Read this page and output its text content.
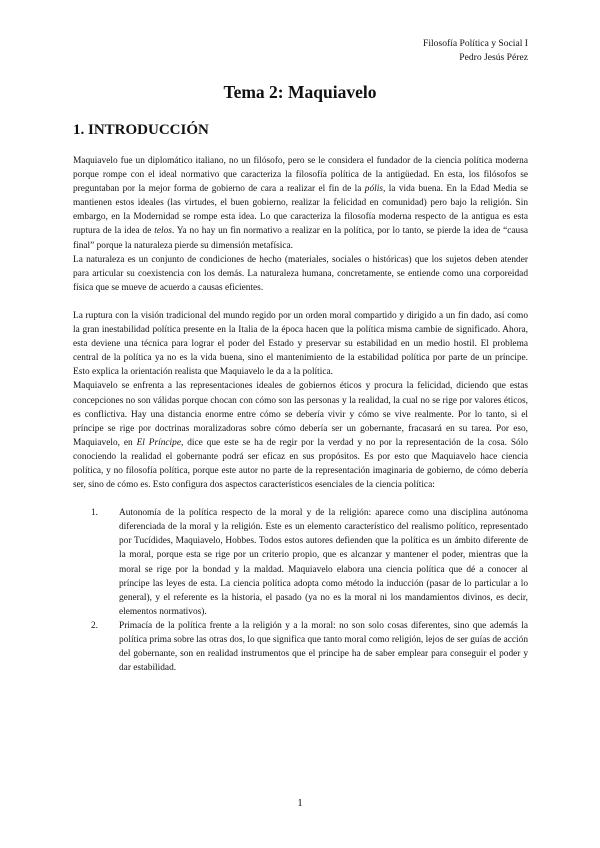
Filosofía Política y Social I
Pedro Jesús Pérez
Tema 2: Maquiavelo
1. INTRODUCCIÓN

Maquiavelo fue un diplomático italiano, no un filósofo, pero se le considera el fundador de la ciencia política moderna porque rompe con el ideal normativo que caracteriza la filosofía política de la antigüedad. En esta, los filósofos se preguntaban por la mejor forma de gobierno de cara a realizar el fin de la pólis, la vida buena. En la Edad Media se mantienen estos ideales (las virtudes, el buen gobierno, realizar la felicidad en comunidad) pero bajo la religión. Sin embargo, en la Modernidad se rompe esta idea. Lo que caracteriza la filosofía moderna respecto de la antigua es esta ruptura de la idea de telos. Ya no hay un fin normativo a realizar en la política, por lo tanto, se pierde la idea de “causa final” porque la naturaleza pierde su dimensión metafísica.

La naturaleza es un conjunto de condiciones de hecho (materiales, sociales o históricas) que los sujetos deben atender para articular su coexistencia con los demás. La naturaleza humana, concretamente, se entiende como una corporeidad física que se mueve de acuerdo a causas eficientes.

La ruptura con la visión tradicional del mundo regido por un orden moral compartido y dirigido a un fin dado, así como la gran inestabilidad política presente en la Italia de la época hacen que la política misma cambie de significado. Ahora, esta deviene una técnica para lograr el poder del Estado y preservar su estabilidad en un medio hostil. El problema central de la política ya no es la vida buena, sino el mantenimiento de la estabilidad política por parte de un príncipe. Esto explica la orientación realista que Maquiavelo le da a la política.

Maquiavelo se enfrenta a las representaciones ideales de gobiernos éticos y procura la felicidad, diciendo que estas concepciones no son válidas porque chocan con cómo son las personas y la realidad, la cual no se rige por valores éticos, es conflictiva. Hay una distancia enorme entre cómo se debería vivir y cómo se vive realmente. Por lo tanto, si el príncipe se rige por doctrinas moralizadoras sobre cómo debería ser un gobernante, fracasará en su tarea. Por eso, Maquiavelo, en El Príncipe, dice que este se ha de regir por la verdad y no por la representación de la cosa. Sólo conociendo la realidad el gobernante podrá ser eficaz en sus propósitos. Es por esto que Maquiavelo hace ciencia política, y no filosofía política, porque este autor no parte de la representación imaginaria de gobierno, de cómo debería ser, sino de cómo es. Esto configura dos aspectos característicos esenciales de la ciencia política:

1. Autonomía de la política respecto de la moral y de la religión: aparece como una disciplina autónoma diferenciada de la moral y la religión. Este es un elemento característico del realismo político, representado por Tucídides, Maquiavelo, Hobbes. Todos estos autores defienden que la política es un ámbito diferente de la moral, porque esta se rige por un criterio propio, que es alcanzar y mantener el poder, mientras que la moral se rige por la bondad y la maldad. Maquiavelo elabora una ciencia política que dé a conocer al príncipe las leyes de esta. La ciencia política adopta como método la inducción (pasar de lo particular a lo general), y el referente es la historia, el pasado (ya no es la moral ni los mandamientos divinos, es decir, elementos normativos).
2. Primacía de la política frente a la religión y a la moral: no son solo cosas diferentes, sino que además la política prima sobre las otras dos, lo que significa que tanto moral como religión, lejos de ser guías de acción del gobernante, son en realidad instrumentos que el príncipe ha de saber emplear para conseguir el poder y dar estabilidad.
1
